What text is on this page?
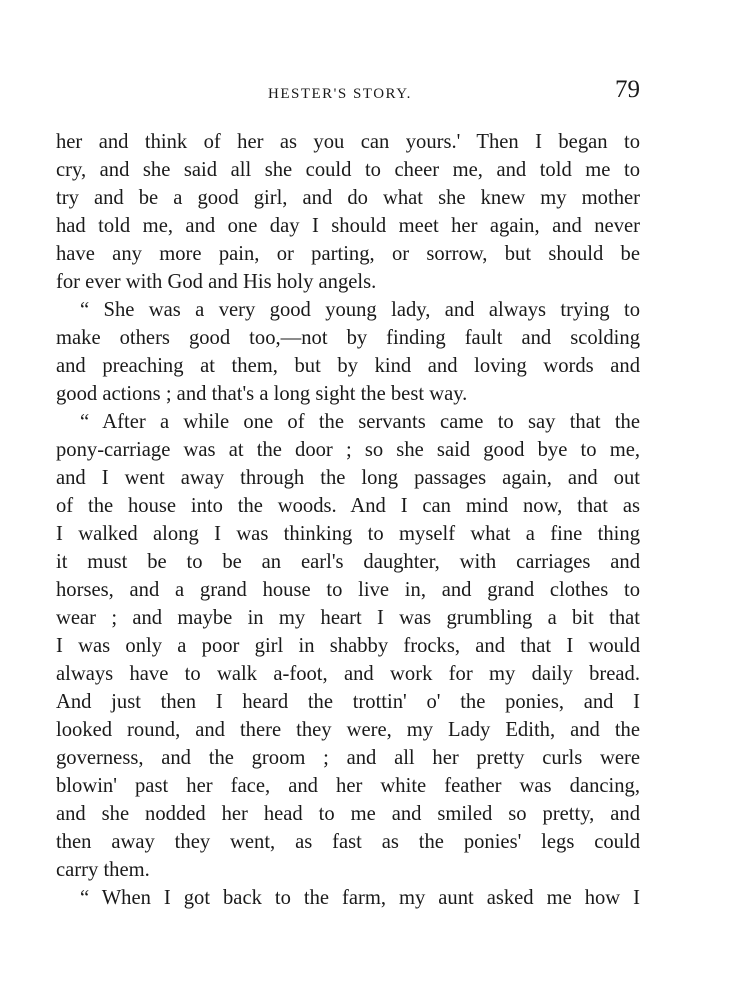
HESTER'S STORY.	79
her and think of her as you can yours.' Then I began to
cry, and she said all she could to cheer me, and told me to
try and be a good girl, and do what she knew my mother
had told me, and one day I should meet her again, and never
have any more pain, or parting, or sorrow, but should be
for ever with God and His holy angels.
“ She was a very good young lady, and always trying to
make others good too,—not by finding fault and scolding
and preaching at them, but by kind and loving words and
good actions ; and that's a long sight the best way.
“ After a while one of the servants came to say that the
pony-carriage was at the door ; so she said good bye to me,
and I went away through the long passages again, and out
of the house into the woods. And I can mind now, that as
I walked along I was thinking to myself what a fine thing
it must be to be an earl's daughter, with carriages and
horses, and a grand house to live in, and grand clothes to
wear ; and maybe in my heart I was grumbling a bit that
I was only a poor girl in shabby frocks, and that I would
always have to walk a-foot, and work for my daily bread.
And just then I heard the trottin' o' the ponies, and I
looked round, and there they were, my Lady Edith, and the
governess, and the groom ; and all her pretty curls were
blowin' past her face, and her white feather was dancing,
and she nodded her head to me and smiled so pretty, and
then away they went, as fast as the ponies' legs could
carry them.
“ When I got back to the farm, my aunt asked me how I
